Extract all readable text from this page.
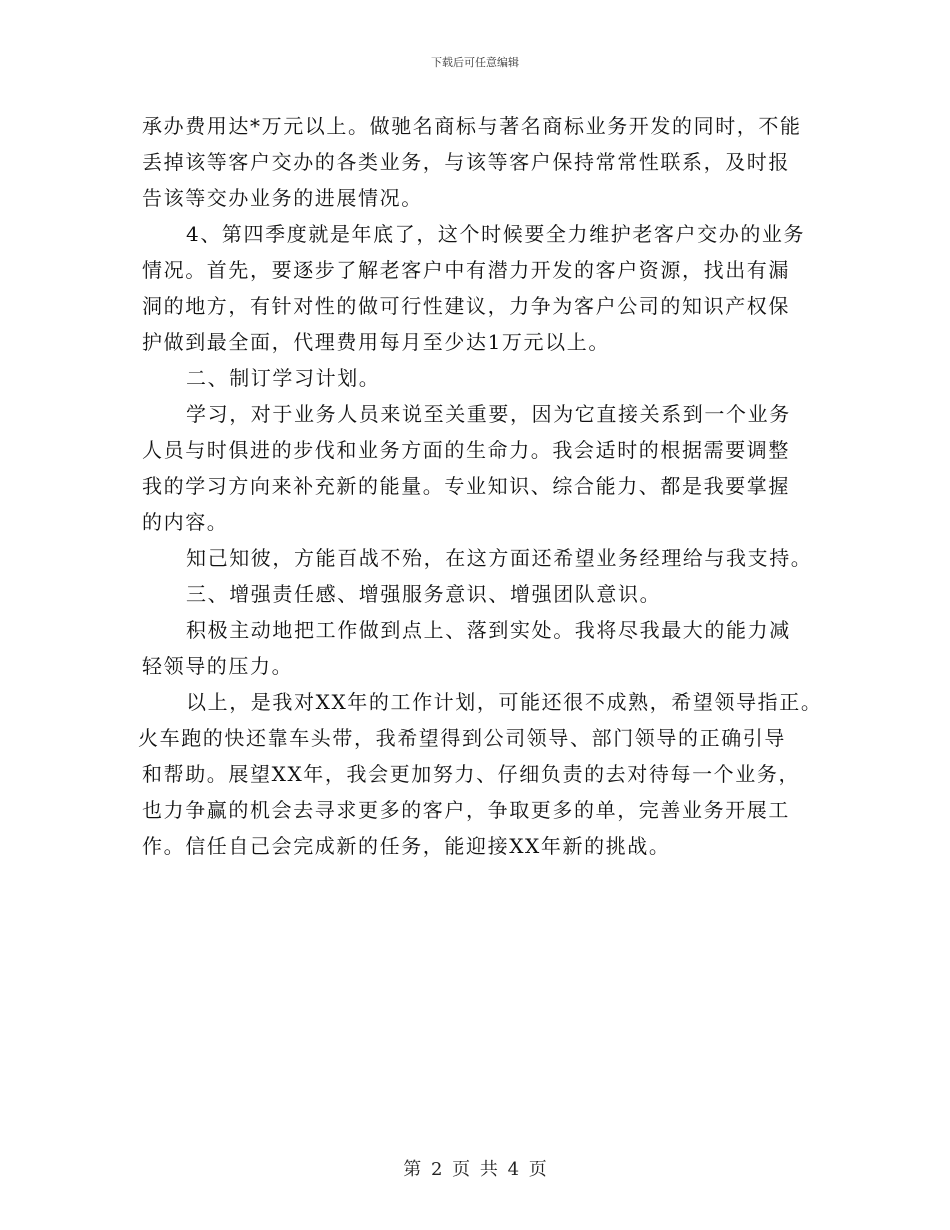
下载后可任意编辑
承办费用达*万元以上。做驰名商标与著名商标业务开发的同时，不能
丢掉该等客户交办的各类业务，与该等客户保持常常性联系，及时报
告该等交办业务的进展情况。
4、第四季度就是年底了，这个时候要全力维护老客户交办的业务
情况。首先，要逐步了解老客户中有潜力开发的客户资源，找出有漏
洞的地方，有针对性的做可行性建议，力争为客户公司的知识产权保
护做到最全面，代理费用每月至少达1万元以上。
二、制订学习计划。
学习，对于业务人员来说至关重要，因为它直接关系到一个业务
人员与时俱进的步伐和业务方面的生命力。我会适时的根据需要调整
我的学习方向来补充新的能量。专业知识、综合能力、都是我要掌握
的内容。
知己知彼，方能百战不殆，在这方面还希望业务经理给与我支持。
三、增强责任感、增强服务意识、增强团队意识。
积极主动地把工作做到点上、落到实处。我将尽我最大的能力减
轻领导的压力。
以上，是我对XX年的工作计划，可能还很不成熟，希望领导指正。
火车跑的快还靠车头带，我希望得到公司领导、部门领导的正确引导
和帮助。展望XX年，我会更加努力、仔细负责的去对待每一个业务，
也力争赢的机会去寻求更多的客户，争取更多的单，完善业务开展工
作。信任自己会完成新的任务，能迎接XX年新的挑战。
第 2 页 共 4 页
